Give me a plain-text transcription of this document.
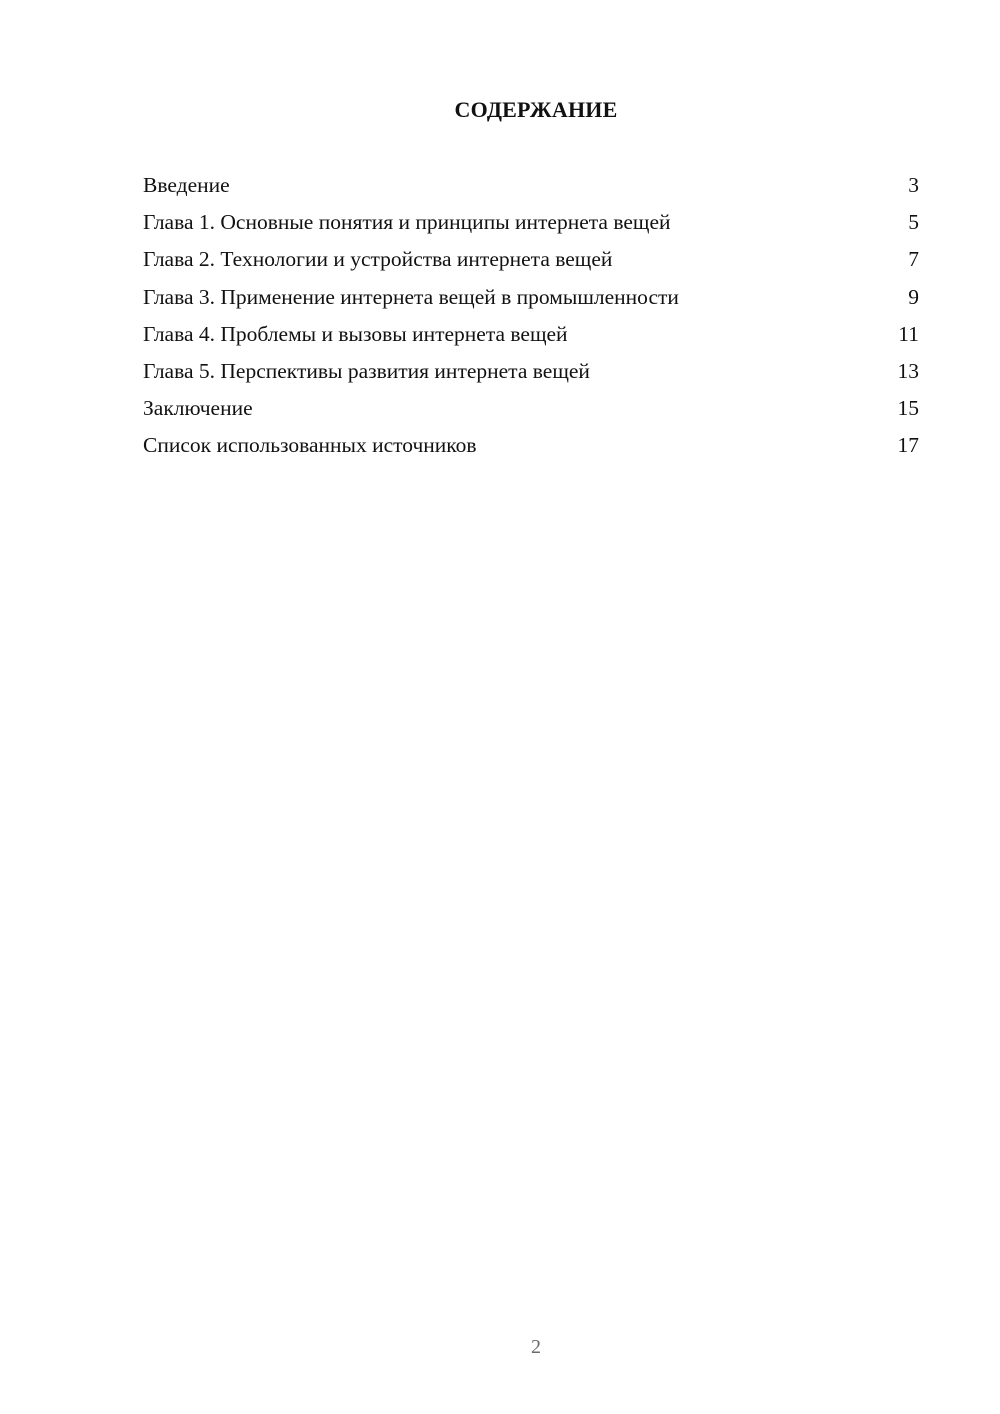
СОДЕРЖАНИЕ
Введение	3
Глава 1. Основные понятия и принципы интернета вещей	5
Глава 2. Технологии и устройства интернета вещей	7
Глава 3. Применение интернета вещей в промышленности	9
Глава 4. Проблемы и вызовы интернета вещей	11
Глава 5. Перспективы развития интернета вещей	13
Заключение	15
Список использованных источников	17
2
